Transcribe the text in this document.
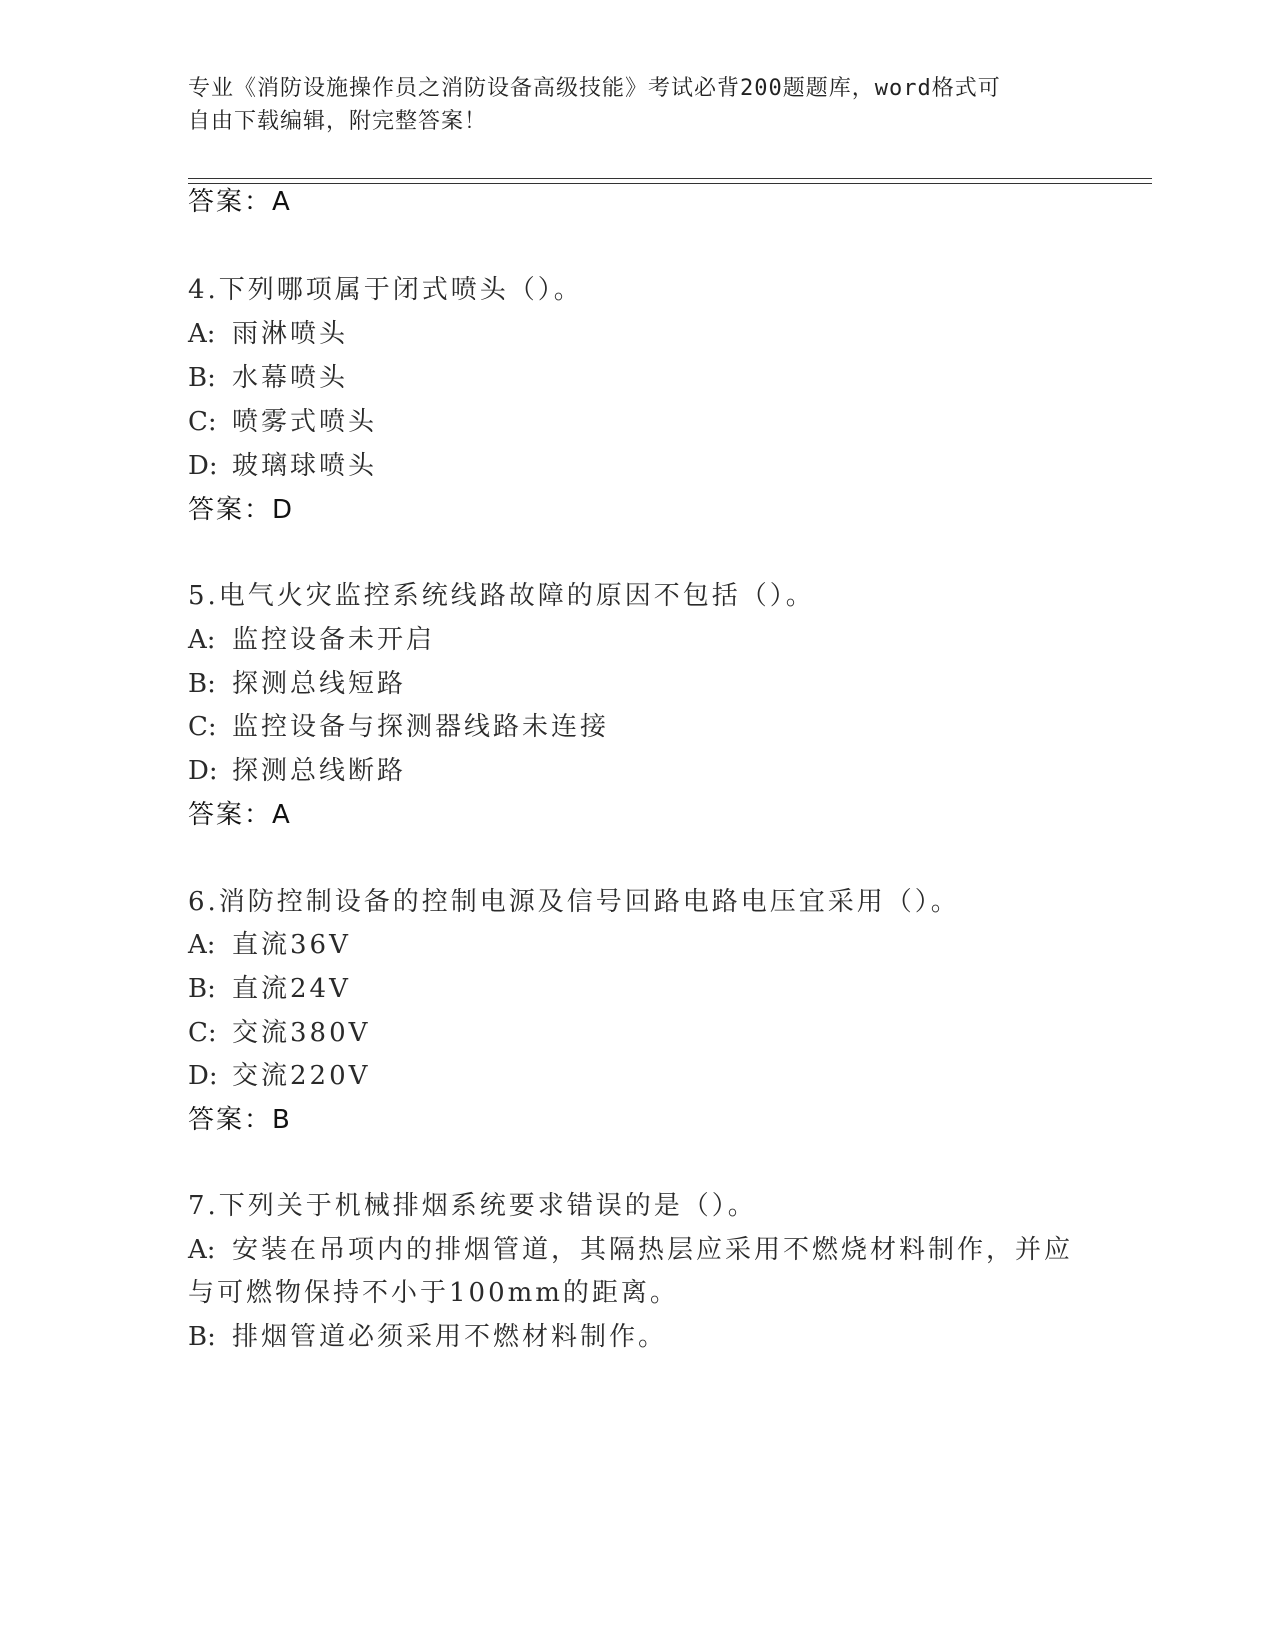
专业《消防设施操作员之消防设备高级技能》考试必背200题题库，word格式可
自由下载编辑，附完整答案！
答案：A
4.下列哪项属于闭式喷头（）。
A: 雨淋喷头
B: 水幕喷头
C: 喷雾式喷头
D: 玻璃球喷头
答案：D
5.电气火灾监控系统线路故障的原因不包括（）。
A: 监控设备未开启
B: 探测总线短路
C: 监控设备与探测器线路未连接
D: 探测总线断路
答案：A
6.消防控制设备的控制电源及信号回路电路电压宜采用（）。
A: 直流36V
B: 直流24V
C: 交流380V
D: 交流220V
答案：B
7.下列关于机械排烟系统要求错误的是（）。
A: 安装在吊项内的排烟管道，其隔热层应采用不燃烧材料制作，并应
与可燃物保持不小于100mm的距离。
B: 排烟管道必须采用不燃材料制作。
